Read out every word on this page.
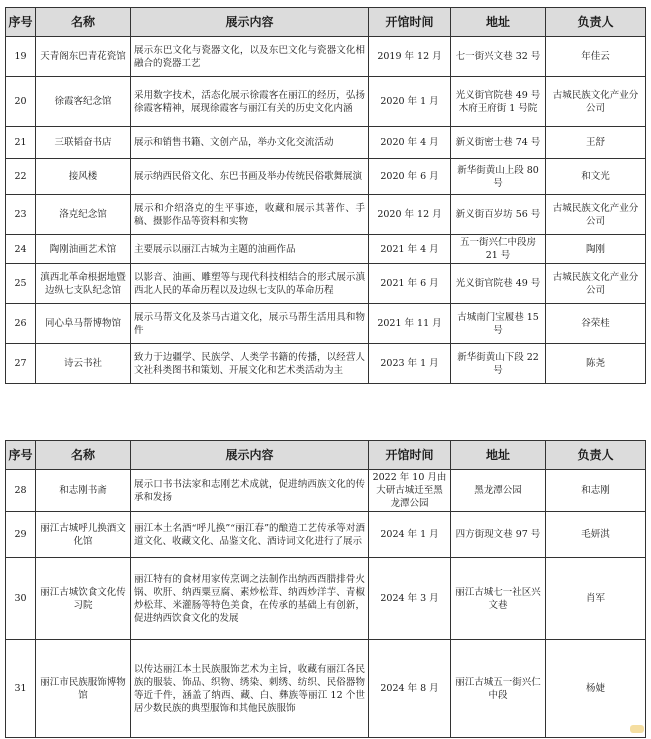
序号	名称	展示内容	开馆时间	地址	负责人
19	天青阁东巴青花瓷馆	展示东巴文化与瓷器文化，以及东巴文化与瓷器文化相融合的瓷器工艺	2019 年 12 月	七一街兴文巷 32 号	年佳云
20	徐霞客纪念馆	采用数字技术，活态化展示徐霞客在丽江的经历，弘扬徐霞客精神，展现徐霞客与丽江有关的历史文化内涵	2020 年 1 月	光义街官院巷 49 号木府王府街 1 号院	古城民族文化产业分公司
21	三联韬奋书店	展示和销售书籍、文创产品，举办文化交流活动	2020 年 4 月	新义街密士巷 74 号	王舒
22	接风楼	展示纳西民俗文化、东巴书画及举办传统民俗歌舞展演	2020 年 6 月	新华街黄山上段 80 号	和文光
23	洛克纪念馆	展示和介绍洛克的生平事迹，收藏和展示其著作、手稿、摄影作品等资料和实物	2020 年 12 月	新义街百岁坊 56 号	古城民族文化产业分公司
24	陶刚油画艺术馆	主要展示以丽江古城为主题的油画作品	2021 年 4 月	五一街兴仁中段房 21 号	陶刚
25	滇西北革命根据地暨边纵七支队纪念馆	以影音、油画、雕塑等与现代科技相结合的形式展示滇西北人民的革命历程以及边纵七支队的革命历程	2021 年 6 月	光义街官院巷 49 号	古城民族文化产业分公司
26	同心阜马帮博物馆	展示马帮文化及茶马古道文化，展示马帮生活用具和物件	2021 年 11 月	古城南门宝履巷 15 号	谷荣桂
27	诗云书社	致力于边疆学、民族学、人类学书籍的传播，以经营人文社科类图书和策划、开展文化和艺术类活动为主	2023 年 1 月	新华街黄山下段 22 号	陈尧
序号	名称	展示内容	开馆时间	地址	负责人
28	和志刚书斋	展示口书书法家和志刚艺术成就，促进纳西族文化的传承和发扬	2022 年 10 月由大研古城迁至黑龙潭公园	黑龙潭公园	和志刚
29	丽江古城呼儿换酒文化馆	丽江本土名酒“呼儿换”“丽江春”的酿造工艺传承等对酒道文化、收藏文化、品鉴文化、酒诗词文化进行了展示	2024 年 1 月	四方街现文巷 97 号	毛妍淇
30	丽江古城饮食文化传习院	丽江特有的食材用家传烹调之法制作出纳西酉腊排骨火锅、吹肝、纳西粟豆腐、素炒松茸、纳西炒洋芋、青椒炒松茸、米灌肠等特色美食，在传承的基础上有创新，促进纳西饮食文化的发展	2024 年 3 月	丽江古城七一社区兴文巷	肖军
31	丽江市民族服饰博物馆	以传达丽江本土民族服饰艺术为主旨，收藏有丽江各民族的服装、饰品、织物、绣染、刺绣、纺织、民俗器物等近千件，涵盖了纳西、藏、白、彝族等丽江 12 个世居少数民族的典型服饰和其他民族服饰	2024 年 8 月	丽江古城五一街兴仁中段	杨婕
